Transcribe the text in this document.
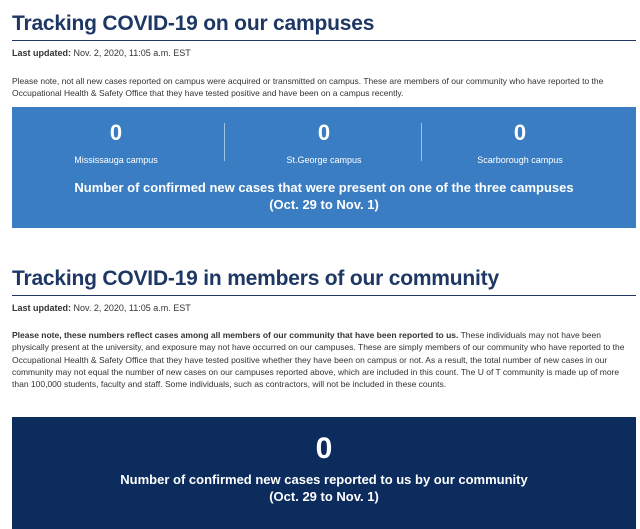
Tracking COVID-19 on our campuses
Last updated: Nov. 2, 2020, 11:05 a.m. EST

Please note, not all new cases reported on campus were acquired or transmitted on campus. These are members of our community who have reported to the Occupational Health & Safety Office that they have tested positive and have been on a campus recently.

0
Mississauga campus
0
St.George campus
0
Scarborough campus
Number of confirmed new cases that were present on one of the three campuses
(Oct. 29 to Nov. 1)
Tracking COVID-19 in members of our community
Last updated: Nov. 2, 2020, 11:05 a.m. EST

Please note, these numbers reflect cases among all members of our community that have been reported to us. These individuals may not have been physically present at the university, and exposure may not have occurred on our campuses. These are simply members of our community who have reported to the Occupational Health & Safety Office that they have tested positive whether they have been on campus or not. As a result, the total number of new cases in our community may not equal the number of new cases on our campuses reported above, which are included in this count. The U of T community is made up of more than 100,000 students, faculty and staff. Some individuals, such as contractors, will not be included in these counts.

0
Number of confirmed new cases reported to us by our community
(Oct. 29 to Nov. 1)
